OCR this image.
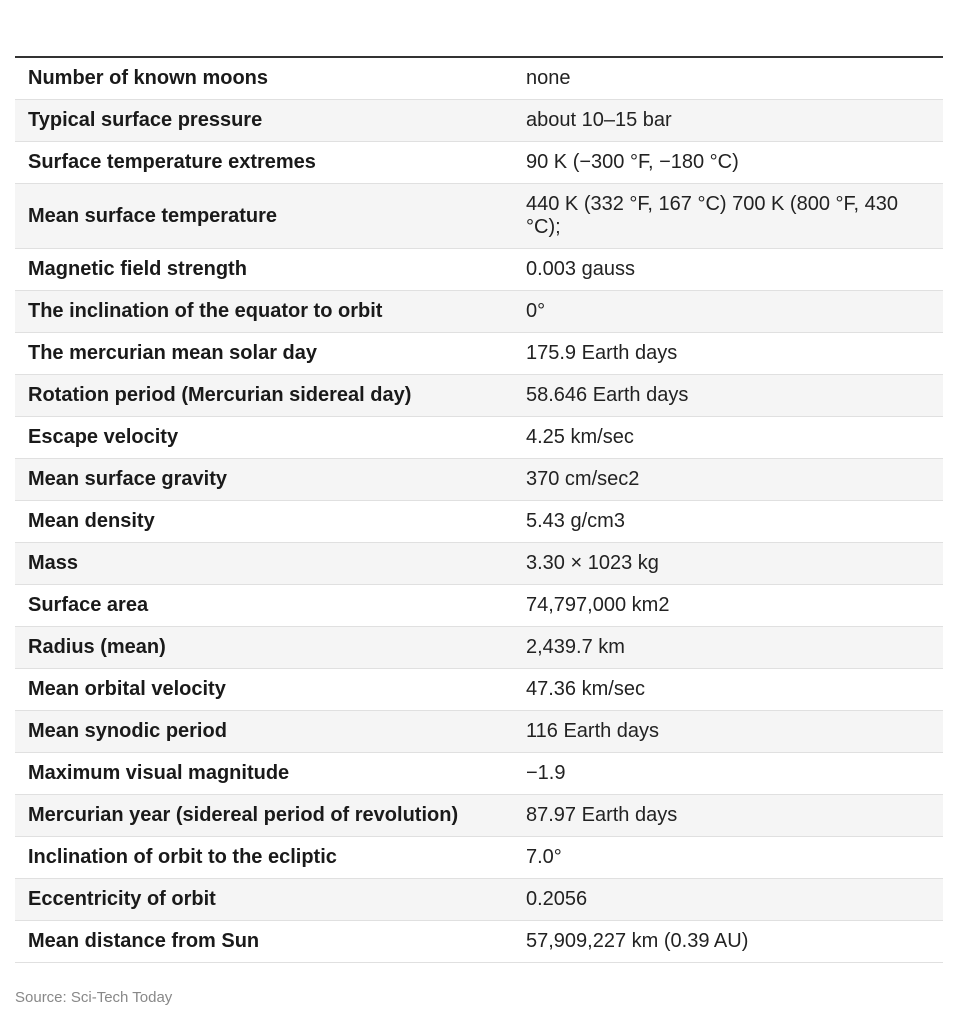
Number of known moons	none
Typical surface pressure	about 10–15 bar
Surface temperature extremes	90 K (−300 °F, −180 °C)
Mean surface temperature	440 K (332 °F, 167 °C) 700 K (800 °F, 430 °C);
Magnetic field strength	0.003 gauss
The inclination of the equator to orbit	0°
The mercurian mean solar day	175.9 Earth days
Rotation period (Mercurian sidereal day)	58.646 Earth days
Escape velocity	4.25 km/sec
Mean surface gravity	370 cm/sec2
Mean density	5.43 g/cm3
Mass	3.30 × 1023 kg
Surface area	74,797,000 km2
Radius (mean)	2,439.7 km
Mean orbital velocity	47.36 km/sec
Mean synodic period	116 Earth days
Maximum visual magnitude	−1.9
Mercurian year (sidereal period of revolution)	87.97 Earth days
Inclination of orbit to the ecliptic	7.0°
Eccentricity of orbit	0.2056
Mean distance from Sun	57,909,227 km (0.39 AU)
Source: Sci-Tech Today
